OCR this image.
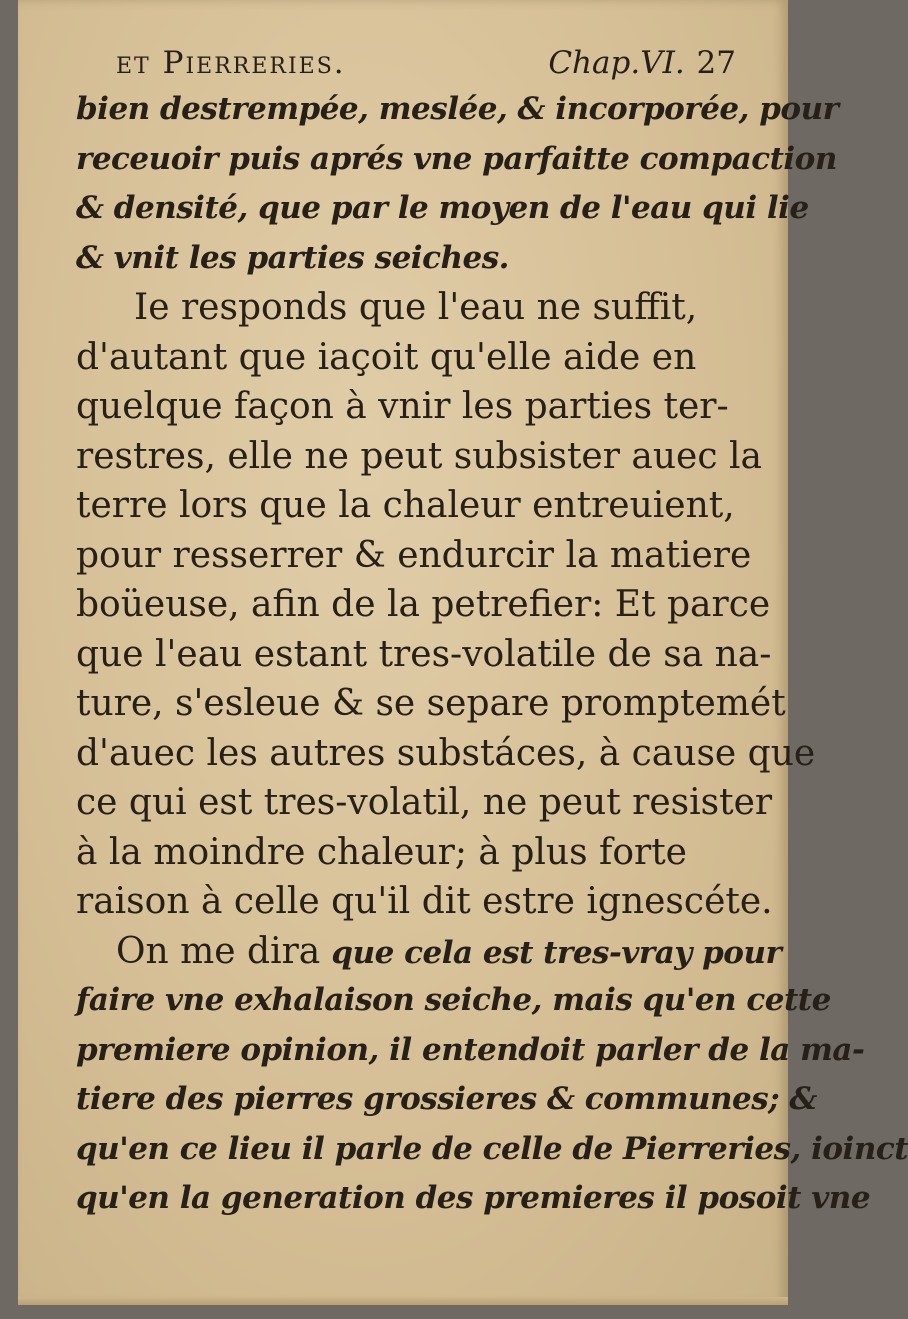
et Pierreries.	Chap.VI. 27
bien destrempée, meslée, & incorporée, pour
receuoir puis aprés vne parfaitte compaction
& densité, que par le moyen de l'eau qui lie
& vnit les parties seiches.
Ie responds que l'eau ne suffit,
d'autant que iaçoit qu'elle aide en
quelque façon à vnir les parties ter-
restres, elle ne peut subsister auec la
terre lors que la chaleur entreuient,
pour resserrer & endurcir la matiere
boüeuse, afin de la petrefier: Et parce
que l'eau estant tres-volatile de sa na-
ture, s'esleue & se separe promptemét
d'auec les autres substáces, à cause que
ce qui est tres-volatil, ne peut resister
à la moindre chaleur; à plus forte
raison à celle qu'il dit estre ignescéte.
On me dira que cela est tres-vray pour
faire vne exhalaison seiche, mais qu'en cette
premiere opinion, il entendoit parler de la ma-
tiere des pierres grossieres & communes; &
qu'en ce lieu il parle de celle de Pierreries, ioinct
qu'en la generation des premieres il posoit vne
